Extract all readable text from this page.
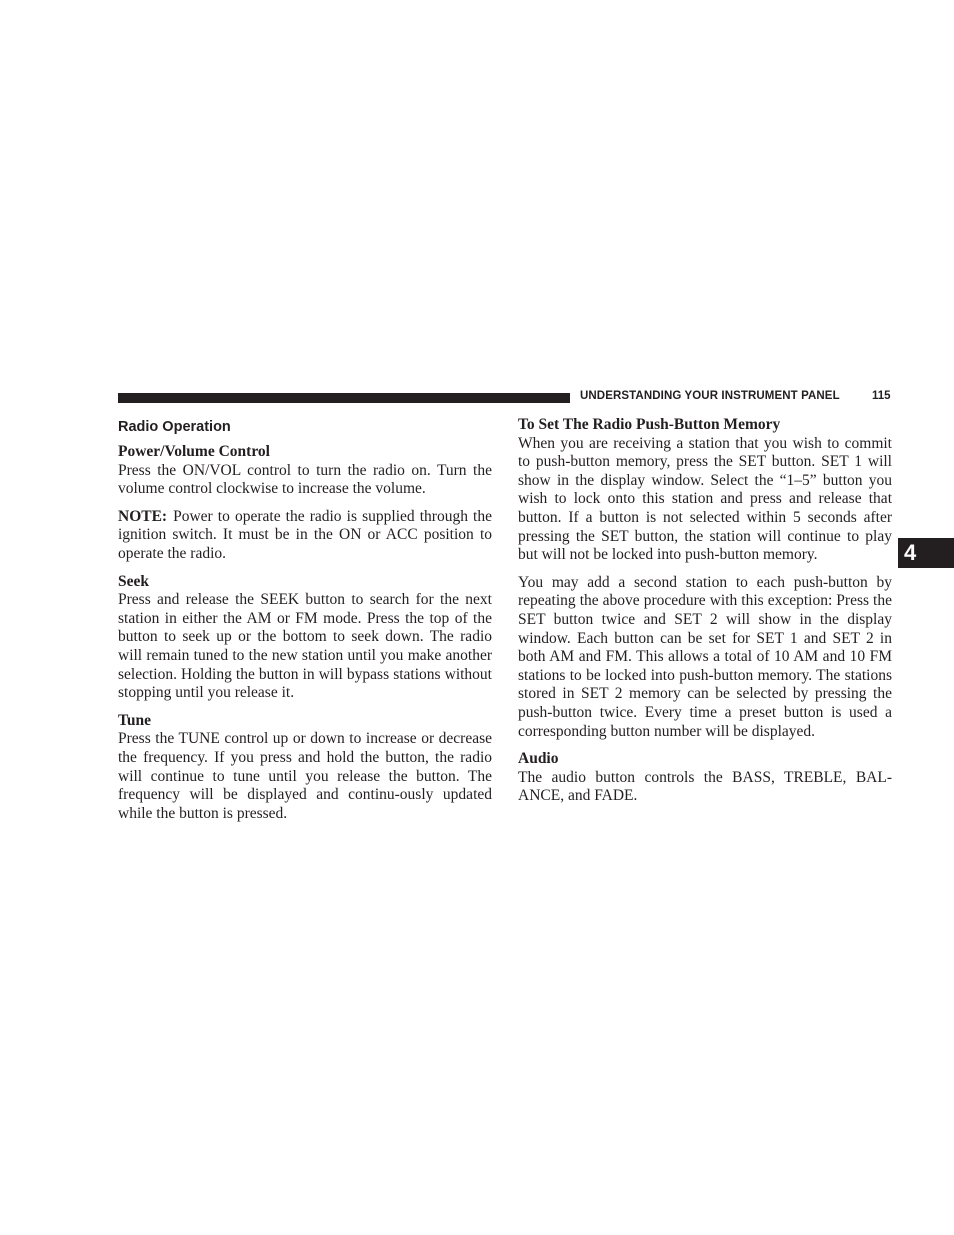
UNDERSTANDING YOUR INSTRUMENT PANEL	115
4
Radio Operation

Power/Volume Control

Press the ON/VOL control to turn the radio on. Turn the volume control clockwise to increase the volume.

NOTE: Power to operate the radio is supplied through the ignition switch. It must be in the ON or ACC position to operate the radio.

Seek

Press and release the SEEK button to search for the next station in either the AM or FM mode. Press the top of the button to seek up or the bottom to seek down. The radio will remain tuned to the new station until you make another selection. Holding the button in will bypass stations without stopping until you release it.

Tune

Press the TUNE control up or down to increase or decrease the frequency. If you press and hold the button, the radio will continue to tune until you release the button. The frequency will be displayed and continu-ously updated while the button is pressed.

To Set The Radio Push-Button Memory

When you are receiving a station that you wish to commit to push-button memory, press the SET button. SET 1 will show in the display window. Select the “1–5” button you wish to lock onto this station and press and release that button. If a button is not selected within 5 seconds after pressing the SET button, the station will continue to play but will not be locked into push-button memory.

You may add a second station to each push-button by repeating the above procedure with this exception: Press the SET button twice and SET 2 will show in the display window. Each button can be set for SET 1 and SET 2 in both AM and FM. This allows a total of 10 AM and 10 FM stations to be locked into push-button memory. The stations stored in SET 2 memory can be selected by pressing the push-button twice. Every time a preset button is used a corresponding button number will be displayed.

Audio

The audio button controls the BASS, TREBLE, BAL-ANCE, and FADE.
